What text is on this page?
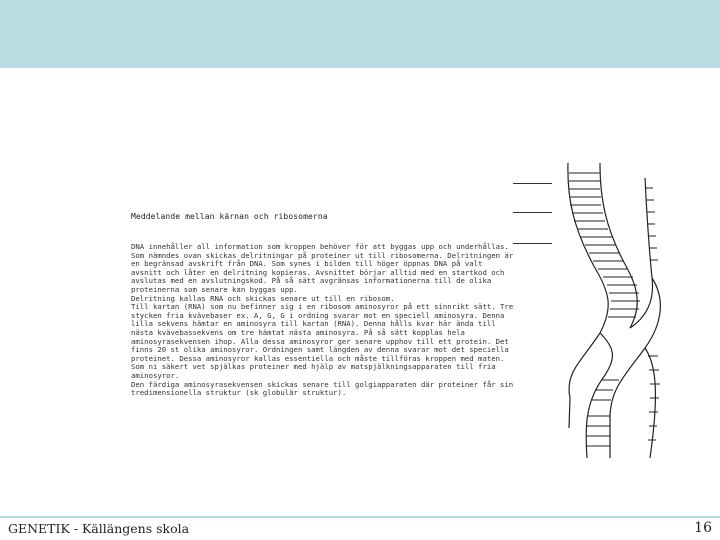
Meddelande mellan kärnan och ribosomerna

DNA innehåller all information som kroppen behöver för att byggas upp och underhållas. Som nämndes ovan skickas delritningar på proteiner ut till ribosomerna. Delritningen är en begränsad avskrift från DNA. Som synes i bilden till höger öppnas DNA på valt avsnitt och låter en delritning kopieras. Avsnittet börjar alltid med en startkod och avslutas med en avslutningskod. På så sätt avgränsas informationerna till de olika proteinerna som senare kan byggas upp.

Delritning kallas RNA och skickas senare ut till en ribosom.

Till kartan (RNA) som nu befinner sig i en ribosom aminosyror på ett sinnrikt sätt. Tre stycken fria kvävebaser ex. A, G, G i ordning svarar mot en speciell aminosyra. Denna lilla sekvens hämtar en aminosyra till kartan (RNA). Denna hålls kvar här ända till nästa kvävebassekvens om tre hämtat nästa aminosyra. På så sätt kopplas hela aminosyrasekvensen ihop. Alla dessa aminosyror ger senare upphov till ett protein. Det finns 20 st olika aminosyror. Ordningen samt längden av denna svarar mot det speciella proteinet. Dessa aminosyror kallas essentiella och måste tillföras kroppen med maten. Som ni säkert vet spjälkas proteiner med hjälp av matspjälkningsapparaten till fria aminosyror.

Den färdiga aminosyrasekvensen skickas senare till golgiapparaten där proteiner får sin tredimensionella struktur (sk globulär struktur).

GENETIK - Källängens skola	16
